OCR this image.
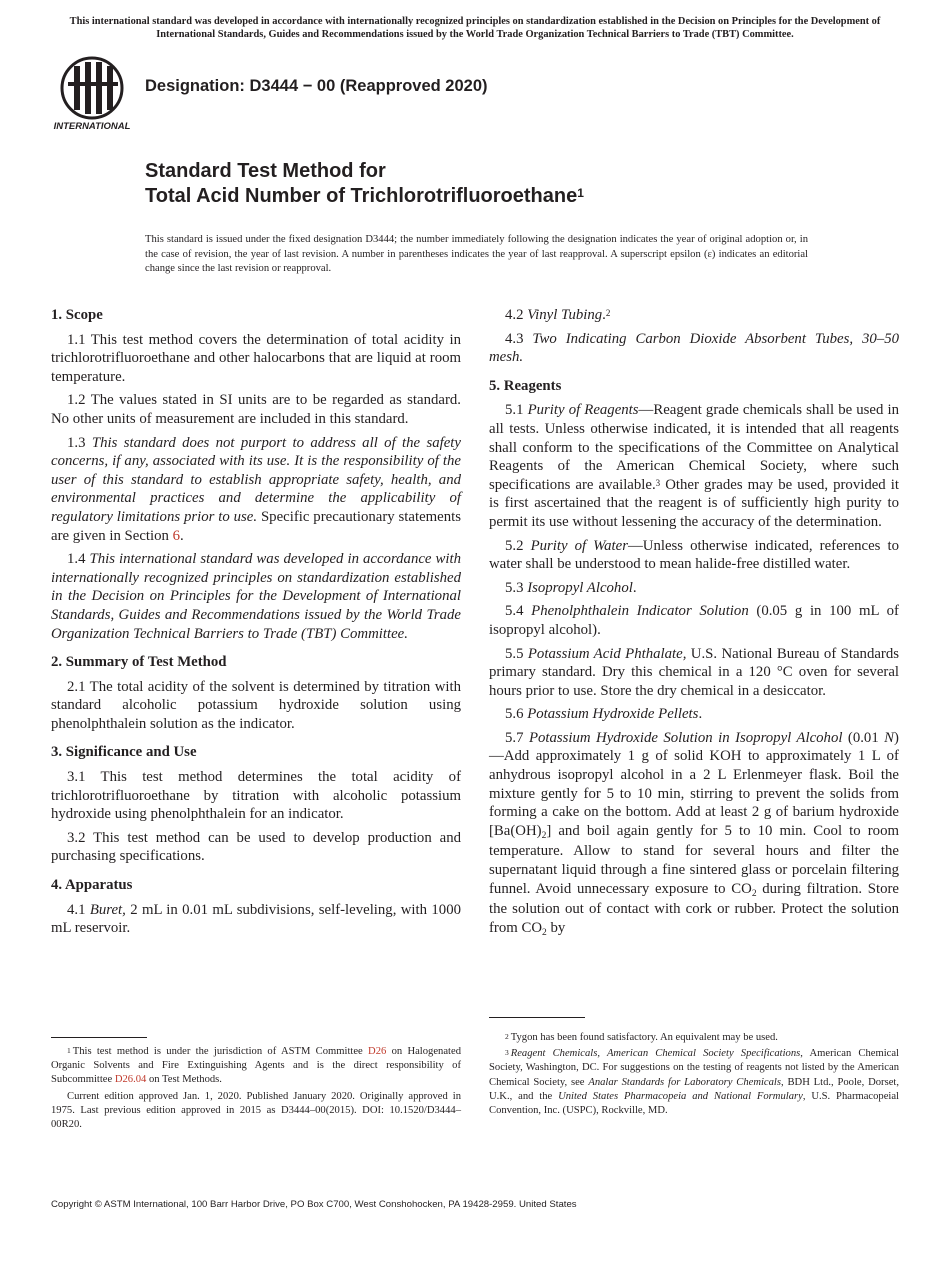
This international standard was developed in accordance with internationally recognized principles on standardization established in the Decision on Principles for the Development of International Standards, Guides and Recommendations issued by the World Trade Organization Technical Barriers to Trade (TBT) Committee.
INTERNATIONAL
Designation: D3444 − 00 (Reapproved 2020)
Standard Test Method for
Total Acid Number of Trichlorotrifluoroethane$^1$
This standard is issued under the fixed designation D3444; the number immediately following the designation indicates the year of original adoption or, in the case of revision, the year of last revision. A number in parentheses indicates the year of last reapproval. A superscript epsilon (ε) indicates an editorial change since the last revision or reapproval.
1. Scope

1.1 This test method covers the determination of total acidity in trichlorotrifluoroethane and other halocarbons that are liquid at room temperature.

1.2 The values stated in SI units are to be regarded as standard. No other units of measurement are included in this standard.

1.3 This standard does not purport to address all of the safety concerns, if any, associated with its use. It is the responsibility of the user of this standard to establish appropriate safety, health, and environmental practices and determine the applicability of regulatory limitations prior to use. Specific precautionary statements are given in Section 6.

1.4 This international standard was developed in accordance with internationally recognized principles on standardization established in the Decision on Principles for the Development of International Standards, Guides and Recommendations issued by the World Trade Organization Technical Barriers to Trade (TBT) Committee.

2. Summary of Test Method

2.1 The total acidity of the solvent is determined by titration with standard alcoholic potassium hydroxide solution using phenolphthalein solution as the indicator.

3. Significance and Use

3.1 This test method determines the total acidity of trichlorotrifluoroethane by titration with alcoholic potassium hydroxide using phenolphthalein for an indicator.

3.2 This test method can be used to develop production and purchasing specifications.

4. Apparatus

4.1 Buret, 2 mL in 0.01 mL subdivisions, self-leveling, with 1000 mL reservoir.

4.2 Vinyl Tubing.$^2$

4.3 Two Indicating Carbon Dioxide Absorbent Tubes, 30–50 mesh.

5. Reagents

5.1 Purity of Reagents—Reagent grade chemicals shall be used in all tests. Unless otherwise indicated, it is intended that all reagents shall conform to the specifications of the Committee on Analytical Reagents of the American Chemical Society, where such specifications are available.$^3$ Other grades may be used, provided it is first ascertained that the reagent is of sufficiently high purity to permit its use without lessening the accuracy of the determination.

5.2 Purity of Water—Unless otherwise indicated, references to water shall be understood to mean halide-free distilled water.

5.3 Isopropyl Alcohol.

5.4 Phenolphthalein Indicator Solution (0.05 g in 100 mL of isopropyl alcohol).

5.5 Potassium Acid Phthalate, U.S. National Bureau of Standards primary standard. Dry this chemical in a 120 °C oven for several hours prior to use. Store the dry chemical in a desiccator.

5.6 Potassium Hydroxide Pellets.

5.7 Potassium Hydroxide Solution in Isopropyl Alcohol (0.01 N)—Add approximately 1 g of solid KOH to approximately 1 L of anhydrous isopropyl alcohol in a 2 L Erlenmeyer flask. Boil the mixture gently for 5 to 10 min, stirring to prevent the solids from forming a cake on the bottom. Add at least 2 g of barium hydroxide $[Ba(OH)_2]$ and boil again gently for 5 to 10 min. Cool to room temperature. Allow to stand for several hours and filter the supernatant liquid through a fine sintered glass or porcelain filtering funnel. Avoid unnecessary exposure to $CO_2$ during filtration. Store the solution out of contact with cork or rubber. Protect the solution from $CO_2$ by

$^1$ This test method is under the jurisdiction of ASTM Committee D26 on Halogenated Organic Solvents and Fire Extinguishing Agents and is the direct responsibility of Subcommittee D26.04 on Test Methods.

Current edition approved Jan. 1, 2020. Published January 2020. Originally approved in 1975. Last previous edition approved in 2015 as D3444–00(2015). DOI: 10.1520/D3444–00R20.

$^2$ Tygon has been found satisfactory. An equivalent may be used.

$^3$ Reagent Chemicals, American Chemical Society Specifications, American Chemical Society, Washington, DC. For suggestions on the testing of reagents not listed by the American Chemical Society, see Analar Standards for Laboratory Chemicals, BDH Ltd., Poole, Dorset, U.K., and the United States Pharmacopeia and National Formulary, U.S. Pharmacopeial Convention, Inc. (USPC), Rockville, MD.

Copyright © ASTM International, 100 Barr Harbor Drive, PO Box C700, West Conshohocken, PA 19428-2959. United States
